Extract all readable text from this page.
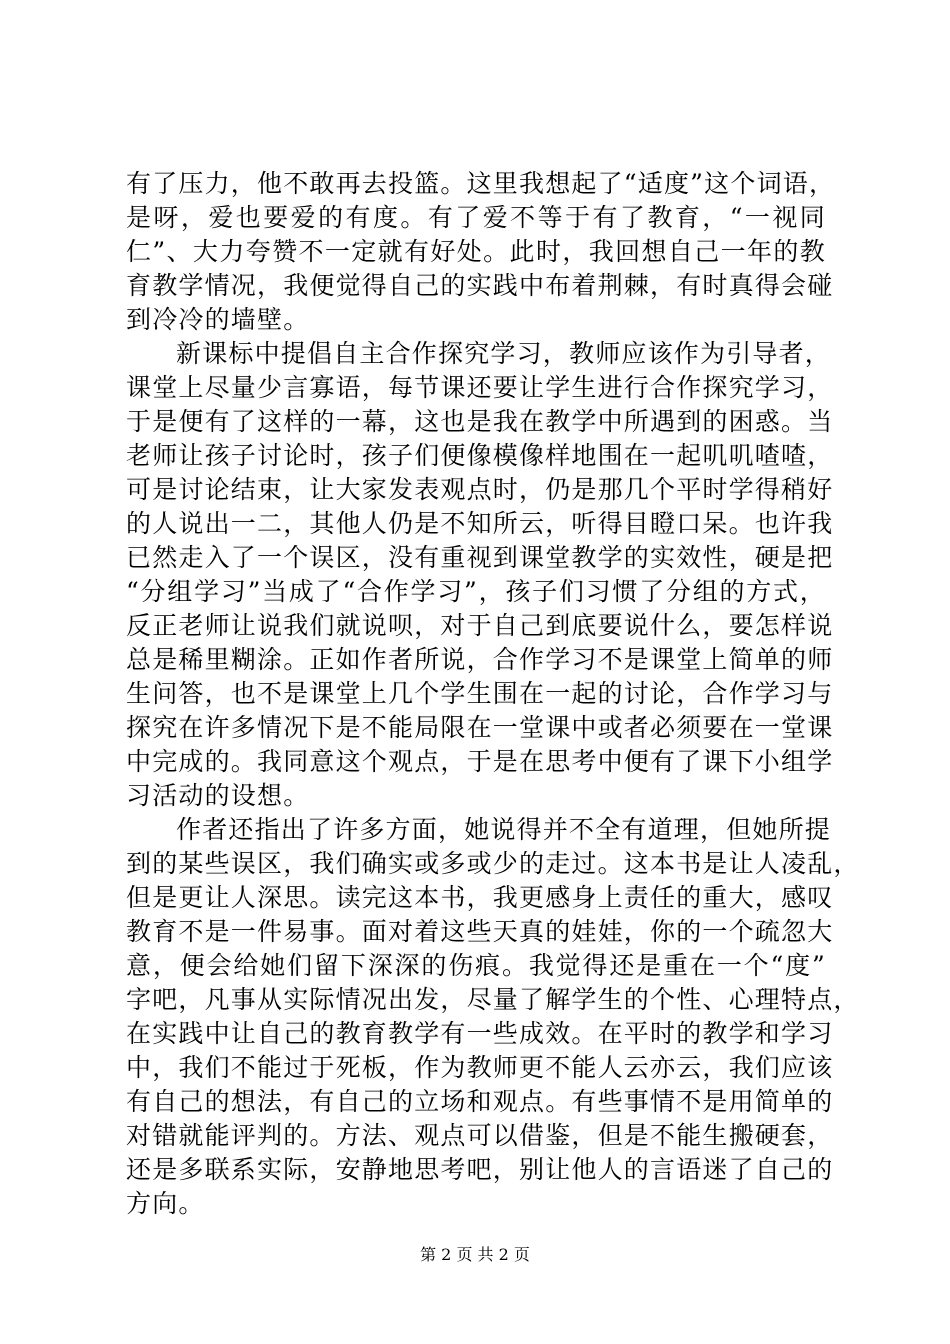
有了压力，他不敢再去投篮。这里我想起了“适度”这个词语，
是呀，爱也要爱的有度。有了爱不等于有了教育，“一视同
仁”、大力夸赞不一定就有好处。此时，我回想自己一年的教
育教学情况，我便觉得自己的实践中布着荆棘，有时真得会碰
到冷冷的墙壁。
新课标中提倡自主合作探究学习，教师应该作为引导者，
课堂上尽量少言寡语，每节课还要让学生进行合作探究学习，
于是便有了这样的一幕，这也是我在教学中所遇到的困惑。当
老师让孩子讨论时，孩子们便像模像样地围在一起叽叽喳喳，
可是讨论结束，让大家发表观点时，仍是那几个平时学得稍好
的人说出一二，其他人仍是不知所云，听得目瞪口呆。也许我
已然走入了一个误区，没有重视到课堂教学的实效性，硬是把
“分组学习”当成了“合作学习”，孩子们习惯了分组的方式，
反正老师让说我们就说呗，对于自己到底要说什么，要怎样说
总是稀里糊涂。正如作者所说，合作学习不是课堂上简单的师
生问答，也不是课堂上几个学生围在一起的讨论，合作学习与
探究在许多情况下是不能局限在一堂课中或者必须要在一堂课
中完成的。我同意这个观点，于是在思考中便有了课下小组学
习活动的设想。
作者还指出了许多方面，她说得并不全有道理，但她所提
到的某些误区，我们确实或多或少的走过。这本书是让人凌乱，
但是更让人深思。读完这本书，我更感身上责任的重大，感叹
教育不是一件易事。面对着这些天真的娃娃，你的一个疏忽大
意，便会给她们留下深深的伤痕。我觉得还是重在一个“度”
字吧，凡事从实际情况出发，尽量了解学生的个性、心理特点，
在实践中让自己的教育教学有一些成效。在平时的教学和学习
中，我们不能过于死板，作为教师更不能人云亦云，我们应该
有自己的想法，有自己的立场和观点。有些事情不是用简单的
对错就能评判的。方法、观点可以借鉴，但是不能生搬硬套，
还是多联系实际，安静地思考吧，别让他人的言语迷了自己的
方向。
第 2 页 共 2 页
